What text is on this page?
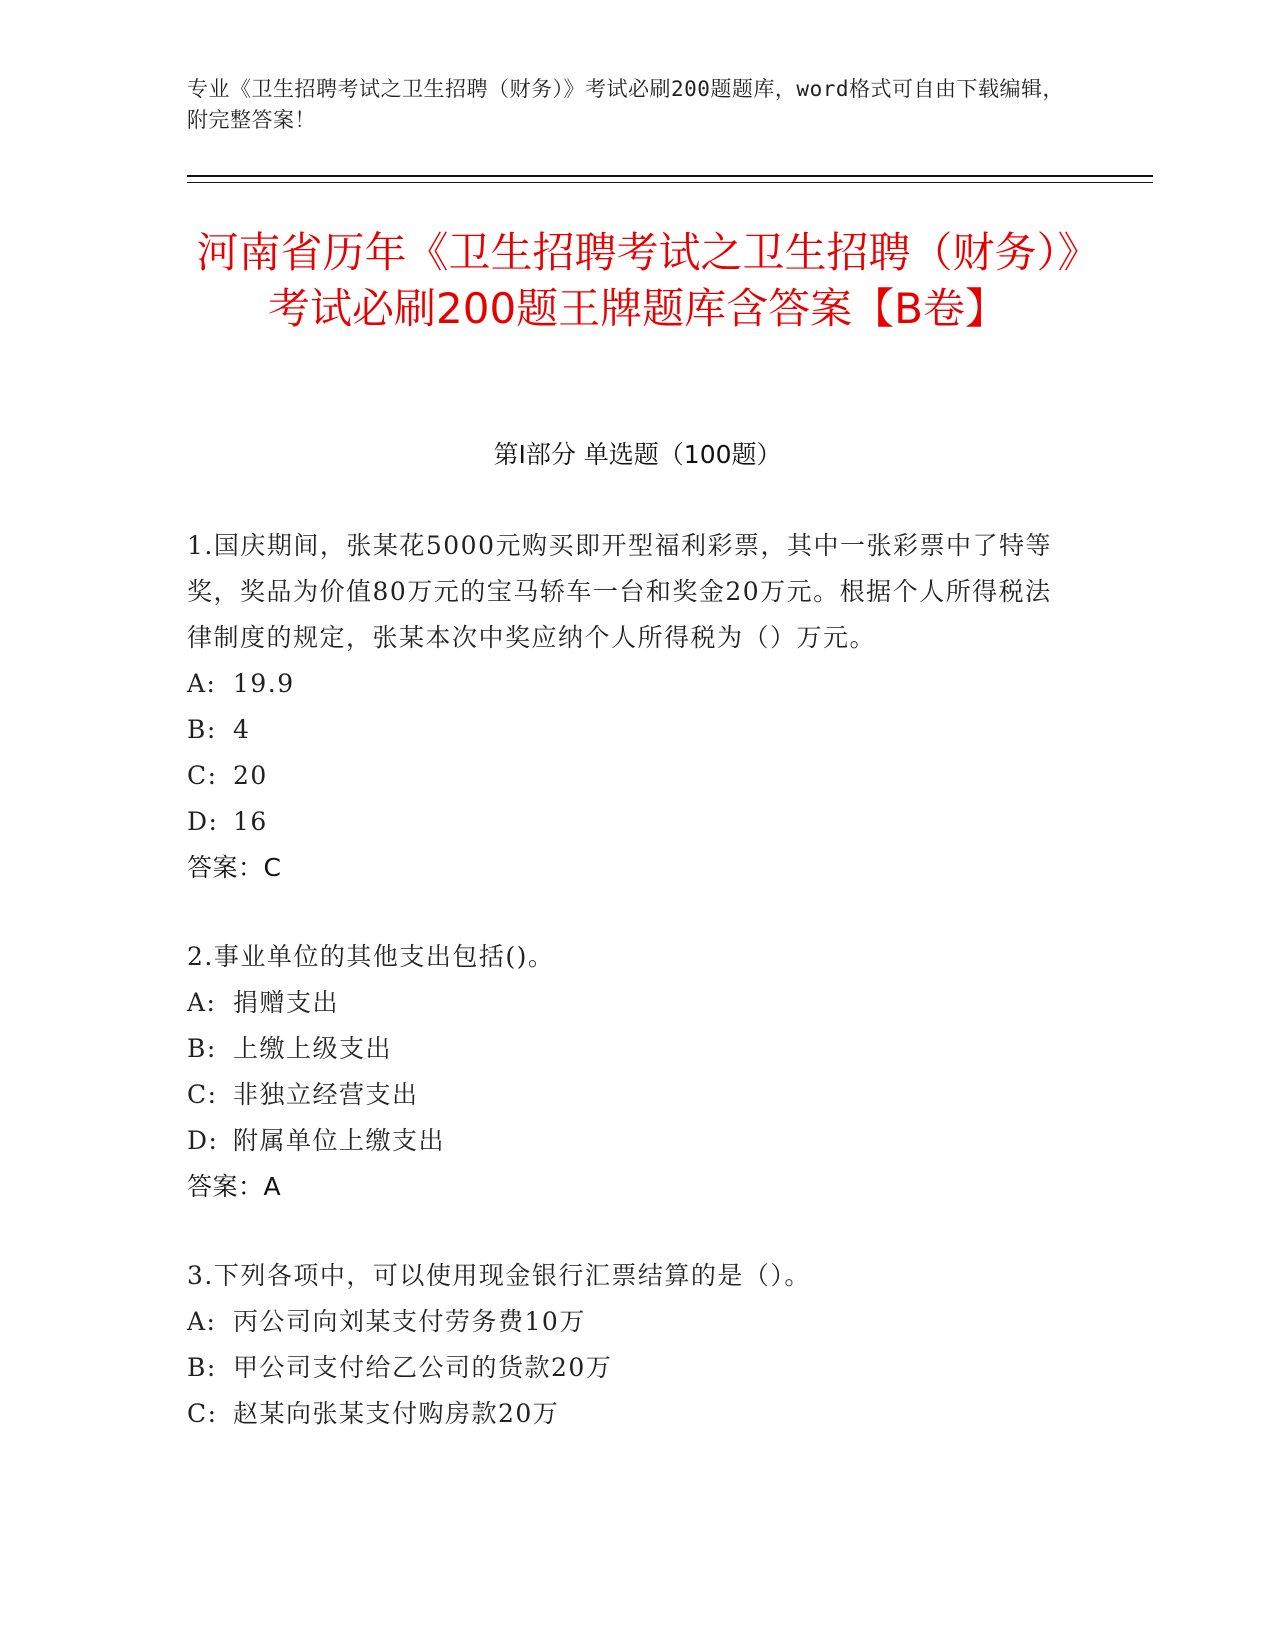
专业《卫生招聘考试之卫生招聘（财务）》考试必刷200题题库，word格式可自由下载编辑，附完整答案！
河南省历年《卫生招聘考试之卫生招聘（财务）》考试必刷200题王牌题库含答案【B卷】
第I部分 单选题（100题）
1.国庆期间，张某花5000元购买即开型福利彩票，其中一张彩票中了特等奖，奖品为价值80万元的宝马轿车一台和奖金20万元。根据个人所得税法律制度的规定，张某本次中奖应纳个人所得税为（）万元。
A: 19.9
B: 4
C: 20
D: 16
答案：C
2.事业单位的其他支出包括()。
A: 捐赠支出
B: 上缴上级支出
C: 非独立经营支出
D: 附属单位上缴支出
答案：A
3.下列各项中，可以使用现金银行汇票结算的是（）。
A: 丙公司向刘某支付劳务费10万
B: 甲公司支付给乙公司的货款20万
C: 赵某向张某支付购房款20万
